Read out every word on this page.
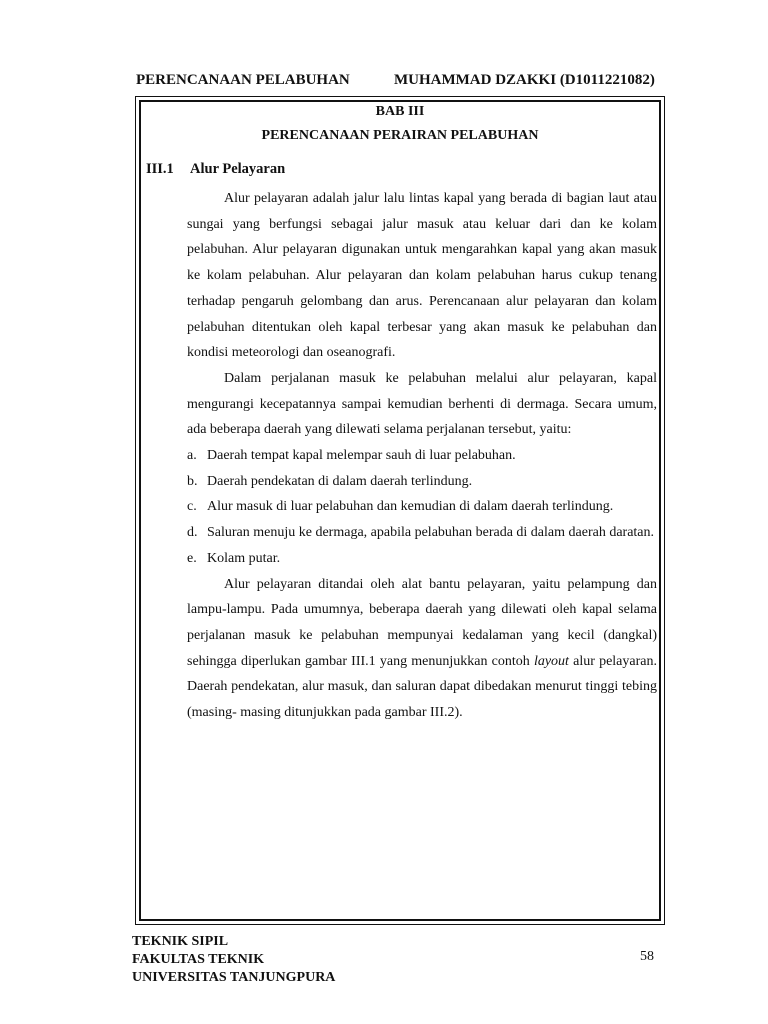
PERENCANAAN PELABUHAN	MUHAMMAD DZAKKI (D1011221082)
BAB III
PERENCANAAN PERAIRAN PELABUHAN
III.1 Alur Pelayaran

Alur pelayaran adalah jalur lalu lintas kapal yang berada di bagian laut atau sungai yang berfungsi sebagai jalur masuk atau keluar dari dan ke kolam pelabuhan. Alur pelayaran digunakan untuk mengarahkan kapal yang akan masuk ke kolam pelabuhan. Alur pelayaran dan kolam pelabuhan harus cukup tenang terhadap pengaruh gelombang dan arus. Perencanaan alur pelayaran dan kolam pelabuhan ditentukan oleh kapal terbesar yang akan masuk ke pelabuhan dan kondisi meteorologi dan oseanografi.

Dalam perjalanan masuk ke pelabuhan melalui alur pelayaran, kapal mengurangi kecepatannya sampai kemudian berhenti di dermaga. Secara umum, ada beberapa daerah yang dilewati selama perjalanan tersebut, yaitu:

a. Daerah tempat kapal melempar sauh di luar pelabuhan.

b. Daerah pendekatan di dalam daerah terlindung.

c. Alur masuk di luar pelabuhan dan kemudian di dalam daerah terlindung.

d. Saluran menuju ke dermaga, apabila pelabuhan berada di dalam daerah daratan.

e. Kolam putar.

Alur pelayaran ditandai oleh alat bantu pelayaran, yaitu pelampung dan lampu-lampu. Pada umumnya, beberapa daerah yang dilewati oleh kapal selama perjalanan masuk ke pelabuhan mempunyai kedalaman yang kecil (dangkal) sehingga diperlukan gambar III.1 yang menunjukkan contoh layout alur pelayaran. Daerah pendekatan, alur masuk, dan saluran dapat dibedakan menurut tinggi tebing (masing- masing ditunjukkan pada gambar III.2).

TEKNIK SIPIL
FAKULTAS TEKNIK
UNIVERSITAS TANJUNGPURA
58
